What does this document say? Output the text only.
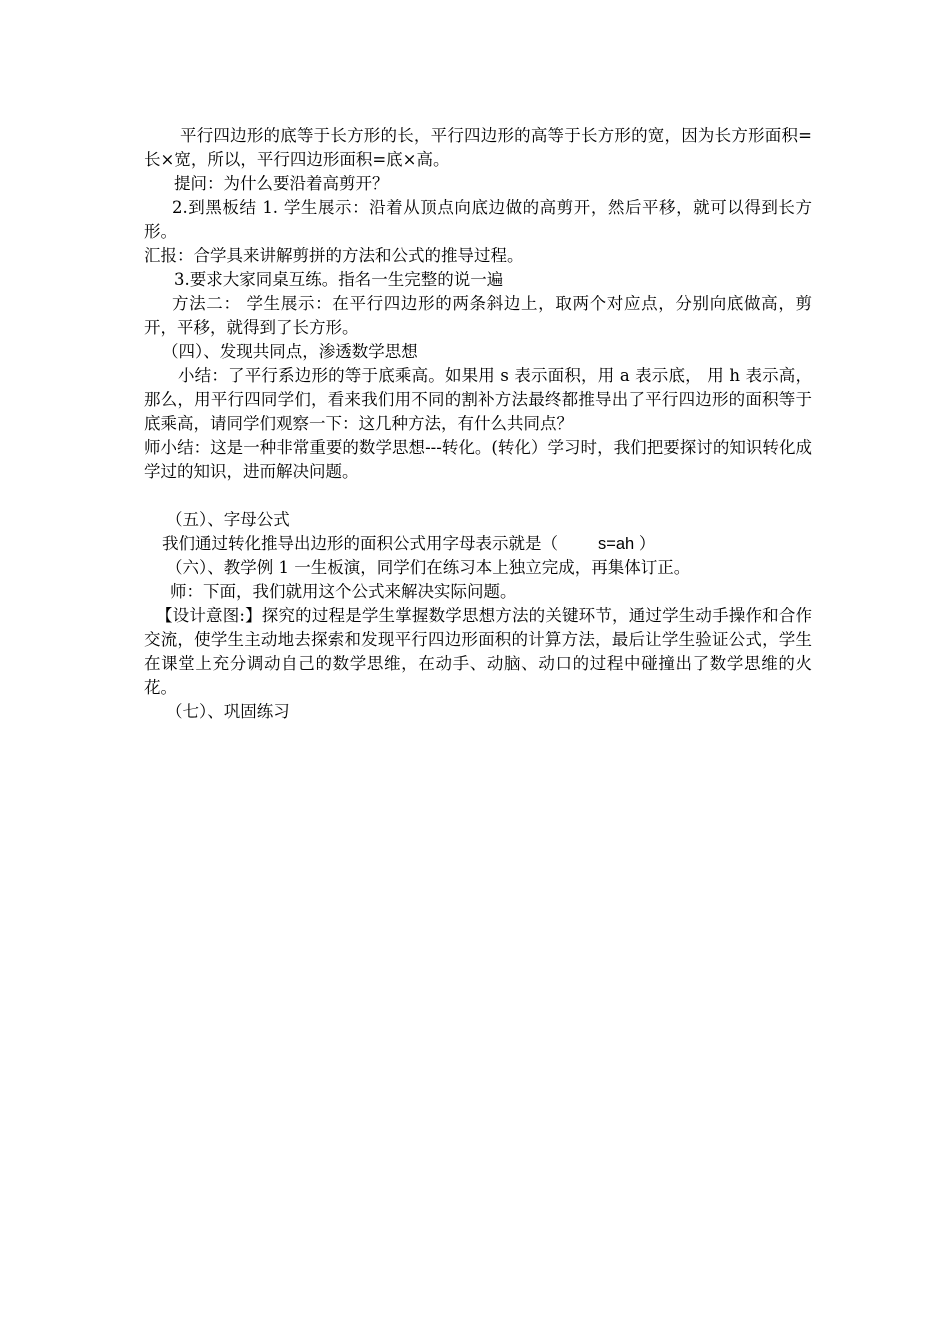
平行四边形的底等于长方形的长，平行四边形的高等于长方形的宽，因为长方形面积=长×宽，所以，平行四边形面积=底×高。

提问：为什么要沿着高剪开？

2.到黑板结 1. 学生展示：沿着从顶点向底边做的高剪开，然后平移，就可以得到长方形。

汇报：合学具来讲解剪拼的方法和公式的推导过程。

3.要求大家同桌互练。指名一生完整的说一遍

方法二： 学生展示：在平行四边形的两条斜边上，取两个对应点，分别向底做高，剪开，平移，就得到了长方形。

（四）、发现共同点，渗透数学思想

小结：了平行系边形的等于底乘高。如果用 s 表示面积，用 a 表示底， 用 h 表示高，那么，用平行四同学们，看来我们用不同的割补方法最终都推导出了平行四边形的面积等于底乘高，请同学们观察一下：这几种方法，有什么共同点？

师小结：这是一种非常重要的数学思想---转化。(转化）学习时，我们把要探讨的知识转化成学过的知识，进而解决问题。

（五）、字母公式

我们通过转化推导出边形的面积公式用字母表示就是（ s=ah ）

（六）、教学例 1 一生板演，同学们在练习本上独立完成，再集体订正。

师：下面，我们就用这个公式来解决实际问题。

【设计意图:】探究的过程是学生掌握数学思想方法的关键环节，通过学生动手操作和合作交流，使学生主动地去探索和发现平行四边形面积的计算方法，最后让学生验证公式，学生在课堂上充分调动自己的数学思维，在动手、动脑、动口的过程中碰撞出了数学思维的火花。

（七）、巩固练习
